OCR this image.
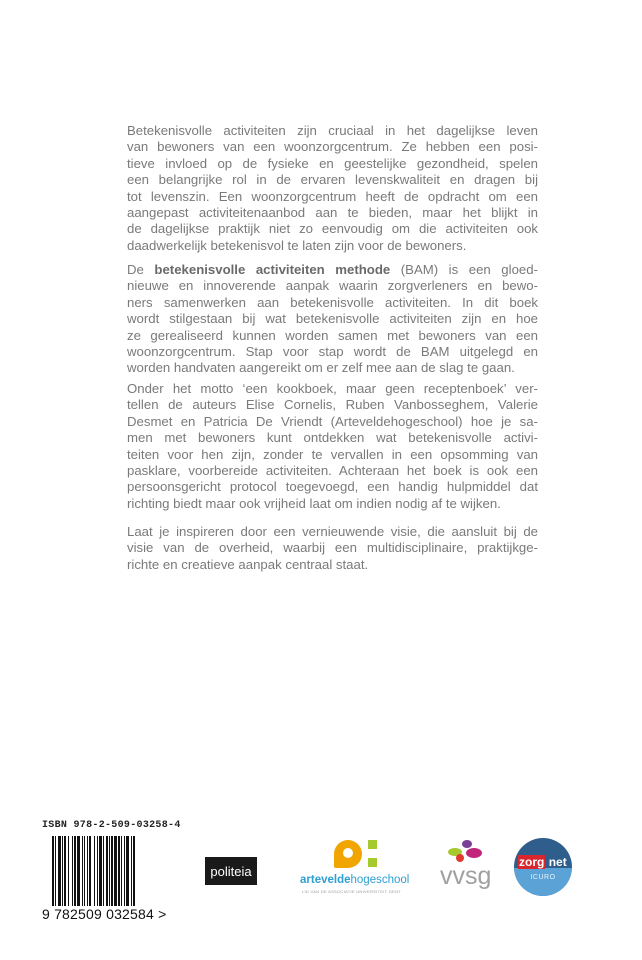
Betekenisvolle activiteiten zijn cruciaal in het dagelijkse leven
van bewoners van een woonzorgcentrum. Ze hebben een posi-
tieve invloed op de fysieke en geestelijke gezondheid, spelen
een belangrijke rol in de ervaren levenskwaliteit en dragen bij
tot levenszin. Een woonzorgcentrum heeft de opdracht om een
aangepast activiteitenaanbod aan te bieden, maar het blijkt in
de dagelijkse praktijk niet zo eenvoudig om die activiteiten ook
daadwerkelijk betekenisvol te laten zijn voor de bewoners.
De betekenisvolle activiteiten methode (BAM) is een gloed-
nieuwe en innoverende aanpak waarin zorgverleners en bewo-
ners samenwerken aan betekenisvolle activiteiten. In dit boek
wordt stilgestaan bij wat betekenisvolle activiteiten zijn en hoe
ze gerealiseerd kunnen worden samen met bewoners van een
woonzorgcentrum. Stap voor stap wordt de BAM uitgelegd en
worden handvaten aangereikt om er zelf mee aan de slag te gaan.
Onder het motto ‘een kookboek, maar geen receptenboek’ ver-
tellen de auteurs Elise Cornelis, Ruben Vanbosseghem, Valerie
Desmet en Patricia De Vriendt (Arteveldehogeschool) hoe je sa-
men met bewoners kunt ontdekken wat betekenisvolle activi-
teiten voor hen zijn, zonder te vervallen in een opsomming van
pasklare, voorbereide activiteiten. Achteraan het boek is ook een
persoonsgericht protocol toegevoegd, een handig hulpmiddel dat
richting biedt maar ook vrijheid laat om indien nodig af te wijken.
Laat je inspireren door een vernieuwende visie, die aansluit bij de
visie van de overheid, waarbij een multidisciplinaire, praktijkge-
richte en creatieve aanpak centraal staat.
ISBN 978-2-509-03258-4
9 782509 032584 >
politeia
arteveldehogeschool
LID VAN DE ASSOCIATIE UNIVERSITEIT GENT
vvsg zorg net
ICURO
